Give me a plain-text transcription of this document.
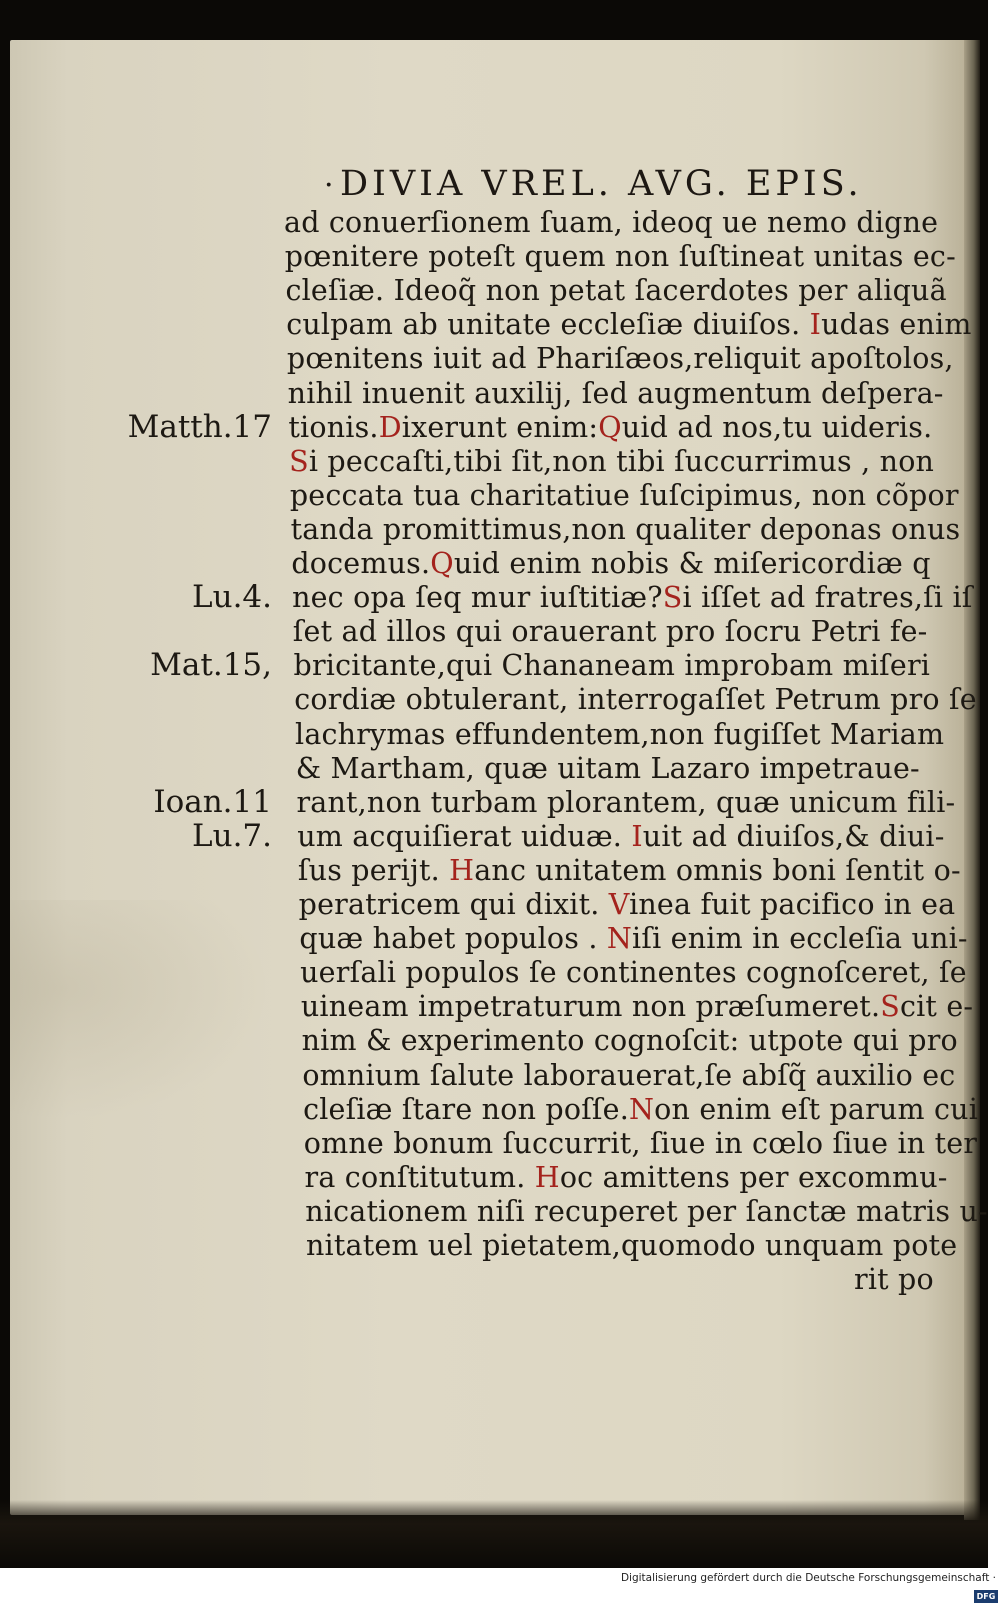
· DIVIA VREL. AVG. EPIS.
ad conuerſionem ſuam, ideoq ue nemo digne
pœnitere poteſt quem non ſuſtineat unitas ec-
cleſiæ. Ideoq̃ non petat ſacerdotes per aliquã
culpam ab unitate eccleſiæ diuiſos. Iudas enim
pœnitens iuit ad Phariſæos,reliquit apoſtolos,
nihil inuenit auxilij, ſed augmentum deſpera-
tionis.Dixerunt enim:Quid ad nos,tu uideris.
Si peccaſti,tibi ſit,non tibi ſuccurrimus , non
peccata tua charitatiue ſuſcipimus, non cõpor
tanda promittimus,non qualiter deponas onus
docemus.Quid enim nobis & miſericordiæ q
nec opa ſeq mur iuſtitiæ?Si iſſet ad fratres,ſi iſ
ſet ad illos qui orauerant pro ſocru Petri fe-
bricitante,qui Chananeam improbam miſeri
cordiæ obtulerant, interrogaſſet Petrum pro ſe
lachrymas effundentem,non fugiſſet Mariam
& Martham, quæ uitam Lazaro impetraue-
rant,non turbam plorantem, quæ unicum fili-
um acquiſierat uiduæ. Iuit ad diuiſos,& diui-
ſus perijt. Hanc unitatem omnis boni ſentit o-
peratricem qui dixit. Vinea fuit pacifico in ea
quæ habet populos . Niſi enim in eccleſia uni-
uerſali populos ſe continentes cognoſceret, ſe
uineam impetraturum non præſumeret.Scit e-
nim & experimento cognoſcit: utpote qui pro
omnium ſalute laborauerat,ſe abſq̃ auxilio ec
cleſiæ ſtare non poſſe.Non enim eſt parum cui
omne bonum ſuccurrit, ſiue in cœlo ſiue in ter
ra conſtitutum. Hoc amittens per excommu-
nicationem niſi recuperet per ſanctæ matris u-
nitatem uel pietatem,quomodo unquam pote
Matth.17
Lu.4.
Mat.15,
Ioan.11
Lu.7.
rit po
Digitalisierung gefördert durch die Deutsche Forschungsgemeinschaft ·DFG
